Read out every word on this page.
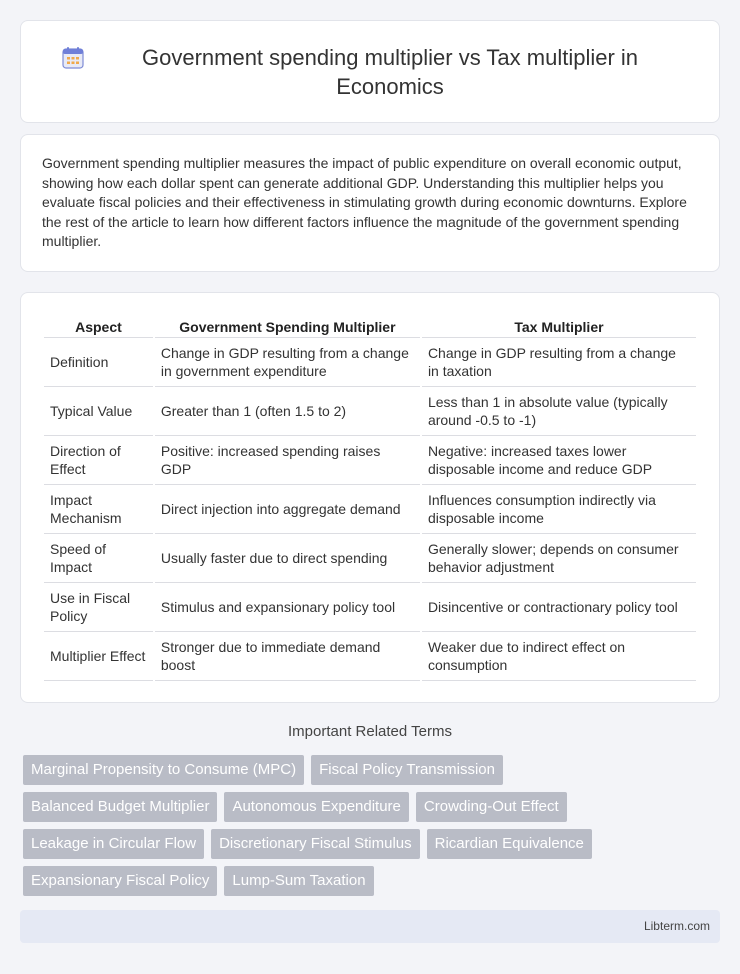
Government spending multiplier vs Tax multiplier in Economics

Government spending multiplier measures the impact of public expenditure on overall economic output, showing how each dollar spent can generate additional GDP. Understanding this multiplier helps you evaluate fiscal policies and their effectiveness in stimulating growth during economic downturns. Explore the rest of the article to learn how different factors influence the magnitude of the government spending multiplier.

Aspect	Government Spending Multiplier	Tax Multiplier
Definition	Change in GDP resulting from a change in government expenditure	Change in GDP resulting from a change in taxation
Typical Value	Greater than 1 (often 1.5 to 2)	Less than 1 in absolute value (typically around -0.5 to -1)
Direction of Effect	Positive: increased spending raises GDP	Negative: increased taxes lower disposable income and reduce GDP
Impact Mechanism	Direct injection into aggregate demand	Influences consumption indirectly via disposable income
Speed of Impact	Usually faster due to direct spending	Generally slower; depends on consumer behavior adjustment
Use in Fiscal Policy	Stimulus and expansionary policy tool	Disincentive or contractionary policy tool
Multiplier Effect	Stronger due to immediate demand boost	Weaker due to indirect effect on consumption
Important Related Terms
Marginal Propensity to Consume (MPC)	Fiscal Policy Transmission
Balanced Budget Multiplier	Autonomous Expenditure	Crowding-Out Effect
Leakage in Circular Flow	Discretionary Fiscal Stimulus	Ricardian Equivalence
Expansionary Fiscal Policy	Lump-Sum Taxation
Libterm.com
